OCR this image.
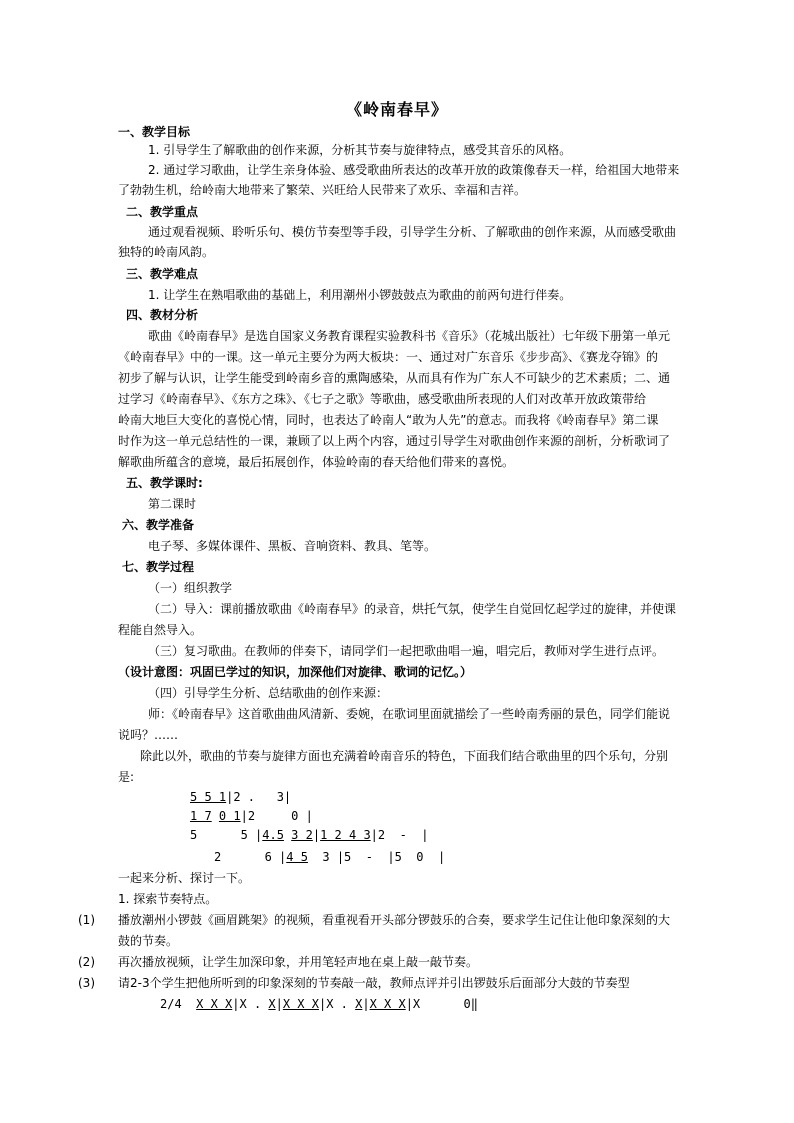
《岭南春早》
一、教学目标
1. 引导学生了解歌曲的创作来源，分析其节奏与旋律特点，感受其音乐的风格。
2. 通过学习歌曲，让学生亲身体验、感受歌曲所表达的改革开放的政策像春天一样，给祖国大地带来
了勃勃生机，给岭南大地带来了繁荣、兴旺给人民带来了欢乐、幸福和吉祥。
二、教学重点
通过观看视频、聆听乐句、模仿节奏型等手段，引导学生分析、了解歌曲的创作来源，从而感受歌曲
独特的岭南风韵。
三、教学难点
1. 让学生在熟唱歌曲的基础上，利用潮州小锣鼓鼓点为歌曲的前两句进行伴奏。
四、教材分析
歌曲《岭南春早》是选自国家义务教育课程实验教科书《音乐》（花城出版社）七年级下册第一单元
《岭南春早》中的一课。这一单元主要分为两大板块：一、通过对广东音乐《步步高》、《赛龙夺锦》的
初步了解与认识，让学生能受到岭南乡音的熏陶感染，从而具有作为广东人不可缺少的艺术素质；二、通
过学习《岭南春早》、《东方之珠》、《七子之歌》等歌曲，感受歌曲所表现的人们对改革开放政策带给
岭南大地巨大变化的喜悦心情，同时，也表达了岭南人“敢为人先”的意志。而我将《岭南春早》第二课
时作为这一单元总结性的一课，兼顾了以上两个内容，通过引导学生对歌曲创作来源的剖析，分析歌词了
解歌曲所蕴含的意境，最后拓展创作，体验岭南的春天给他们带来的喜悦。
五、教学课时:
第二课时
六、教学准备
电子琴、多媒体课件、黑板、音响资料、教具、笔等。
七、教学过程
（一）组织教学
（二）导入：课前播放歌曲《岭南春早》的录音，烘托气氛，使学生自觉回忆起学过的旋律，并使课
程能自然导入。
（三）复习歌曲。在教师的伴奏下，请同学们一起把歌曲唱一遍，唱完后，教师对学生进行点评。
（设计意图：巩固已学过的知识，加深他们对旋律、歌词的记忆。）
（四）引导学生分析、总结歌曲的创作来源：
师：《岭南春早》这首歌曲曲风清新、委婉，在歌词里面就描绘了一些岭南秀丽的景色，同学们能说
说吗？……
除此以外，歌曲的节奏与旋律方面也充满着岭南音乐的特色，下面我们结合歌曲里的四个乐句，分别
是:
5 5 1|2 .   3|
1 7 0 1|2     0 |
5      5 |4.5 3 2|1 2 4 3|2  -  |
2      6 |4 5  3 |5  -  |5  0  |
一起来分析、探讨一下。
1. 探索节奏特点。
(1) 播放潮州小锣鼓《画眉跳架》的视频，看重视看开头部分锣鼓乐的合奏，要求学生记住让他印象深刻的大
鼓的节奏。
(2) 再次播放视频，让学生加深印象，并用笔轻声地在桌上敲一敲节奏。
(3) 请2-3个学生把他所听到的印象深刻的节奏敲一敲，教师点评并引出锣鼓乐后面部分大鼓的节奏型
2/4 X X X|X . X|X X X|X . X|X X X|X      0‖
